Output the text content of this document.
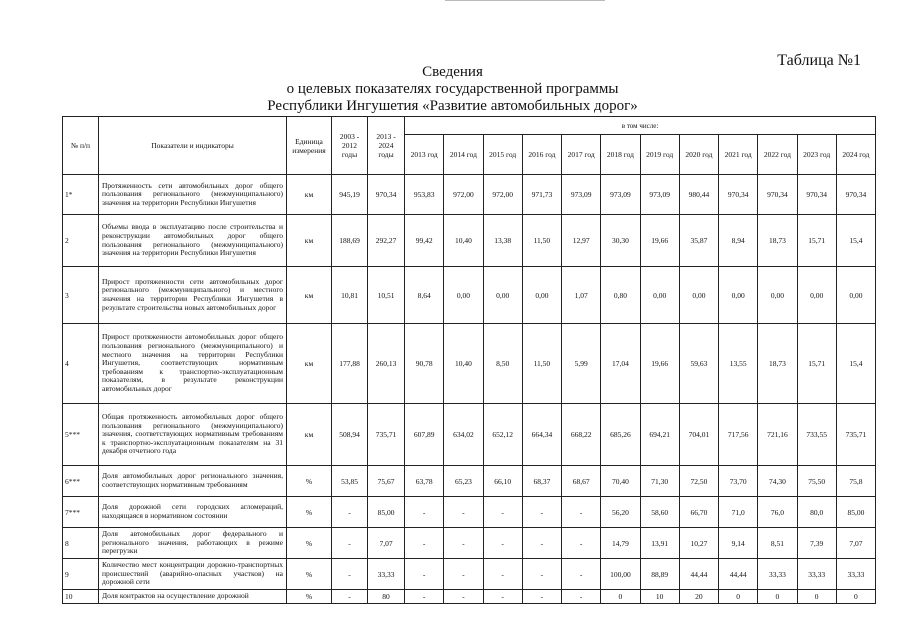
Таблица №1
Сведения
о целевых показателях государственной программы
Республики Ингушетия «Развитие автомобильных дорог»
№ п/п	Показатели и индикаторы	Единица измерения	2003 - 2012 годы	2013 - 2024 годы	в том числе:											
					2013 год	2014 год	2015 год	2016 год	2017 год	2018 год	2019 год	2020 год	2021 год	2022 год	2023 год	2024 год
1*	Протяженность сети автомобильных дорог общего пользования регионального (межмуниципального) значения на территории Республики Ингушетия	км	945,19	970,34	953,83	972,00	972,00	971,73	973,09	973,09	973,09	980,44	970,34	970,34	970,34	970,34
2	Объемы ввода в эксплуатацию после строительства и реконструкции автомобильных дорог общего пользования регионального (межмуниципального) значения на территории Республики Ингушетия	км	188,69	292,27	99,42	10,40	13,38	11,50	12,97	30,30	19,66	35,87	8,94	18,73	15,71	15,4
3	Прирост протяженности сети автомобильных дорог регионального (межмуниципального) и местного значения на территории Республики Ингушетия в результате строительства новых автомобильных дорог	км	10,81	10,51	8,64	0,00	0,00	0,00	1,07	0,80	0,00	0,00	0,00	0,00	0,00	0,00
4	Прирост протяженности автомобильных дорог общего пользования регионального (межмуниципального) и местного значения на территории Республики Ингушетия, соответствующих нормативным требованиям к транспортно-эксплуатационным показателям, в результате реконструкции автомобильных дорог	км	177,88	260,13	90,78	10,40	8,50	11,50	5,99	17,04	19,66	59,63	13,55	18,73	15,71	15,4
5***	Общая протяженность автомобильных дорог общего пользования регионального (межмуниципального) значения, соответствующих нормативным требованиям к транспортно-эксплуатационным показателям на 31 декабря отчетного года	км	508,94	735,71	607,89	634,02	652,12	664,34	668,22	685,26	694,21	704,01	717,56	721,16	733,55	735,71
6***	Доля автомобильных дорог регионального значения, соответствующих нормативным требованиям	%	53,85	75,67	63,78	65,23	66,10	68,37	68,67	70,40	71,30	72,50	73,70	74,30	75,50	75,8
7***	Доля дорожной сети городских агломераций, находящаяся в нормативном состоянии	%	-	85,00	-	-	-	-	-	56,20	58,60	66,70	71,0	76,0	80,0	85,00
8	Доля автомобильных дорог федерального и регионального значения, работающих в режиме перегрузки	%	-	7,07	-	-	-	-	-	14,79	13,91	10,27	9,14	8,51	7,39	7,07
9	Количество мест концентрации дорожно-транспортных происшествий (аварийно-опасных участков) на дорожной сети	%	-	33,33	-	-	-	-	-	100,00	88,89	44,44	44,44	33,33	33,33	33,33
10	Доля контрактов на осуществление дорожной	%	-	80	-	-	-	-	-	0	10	20	0	0	0	0
